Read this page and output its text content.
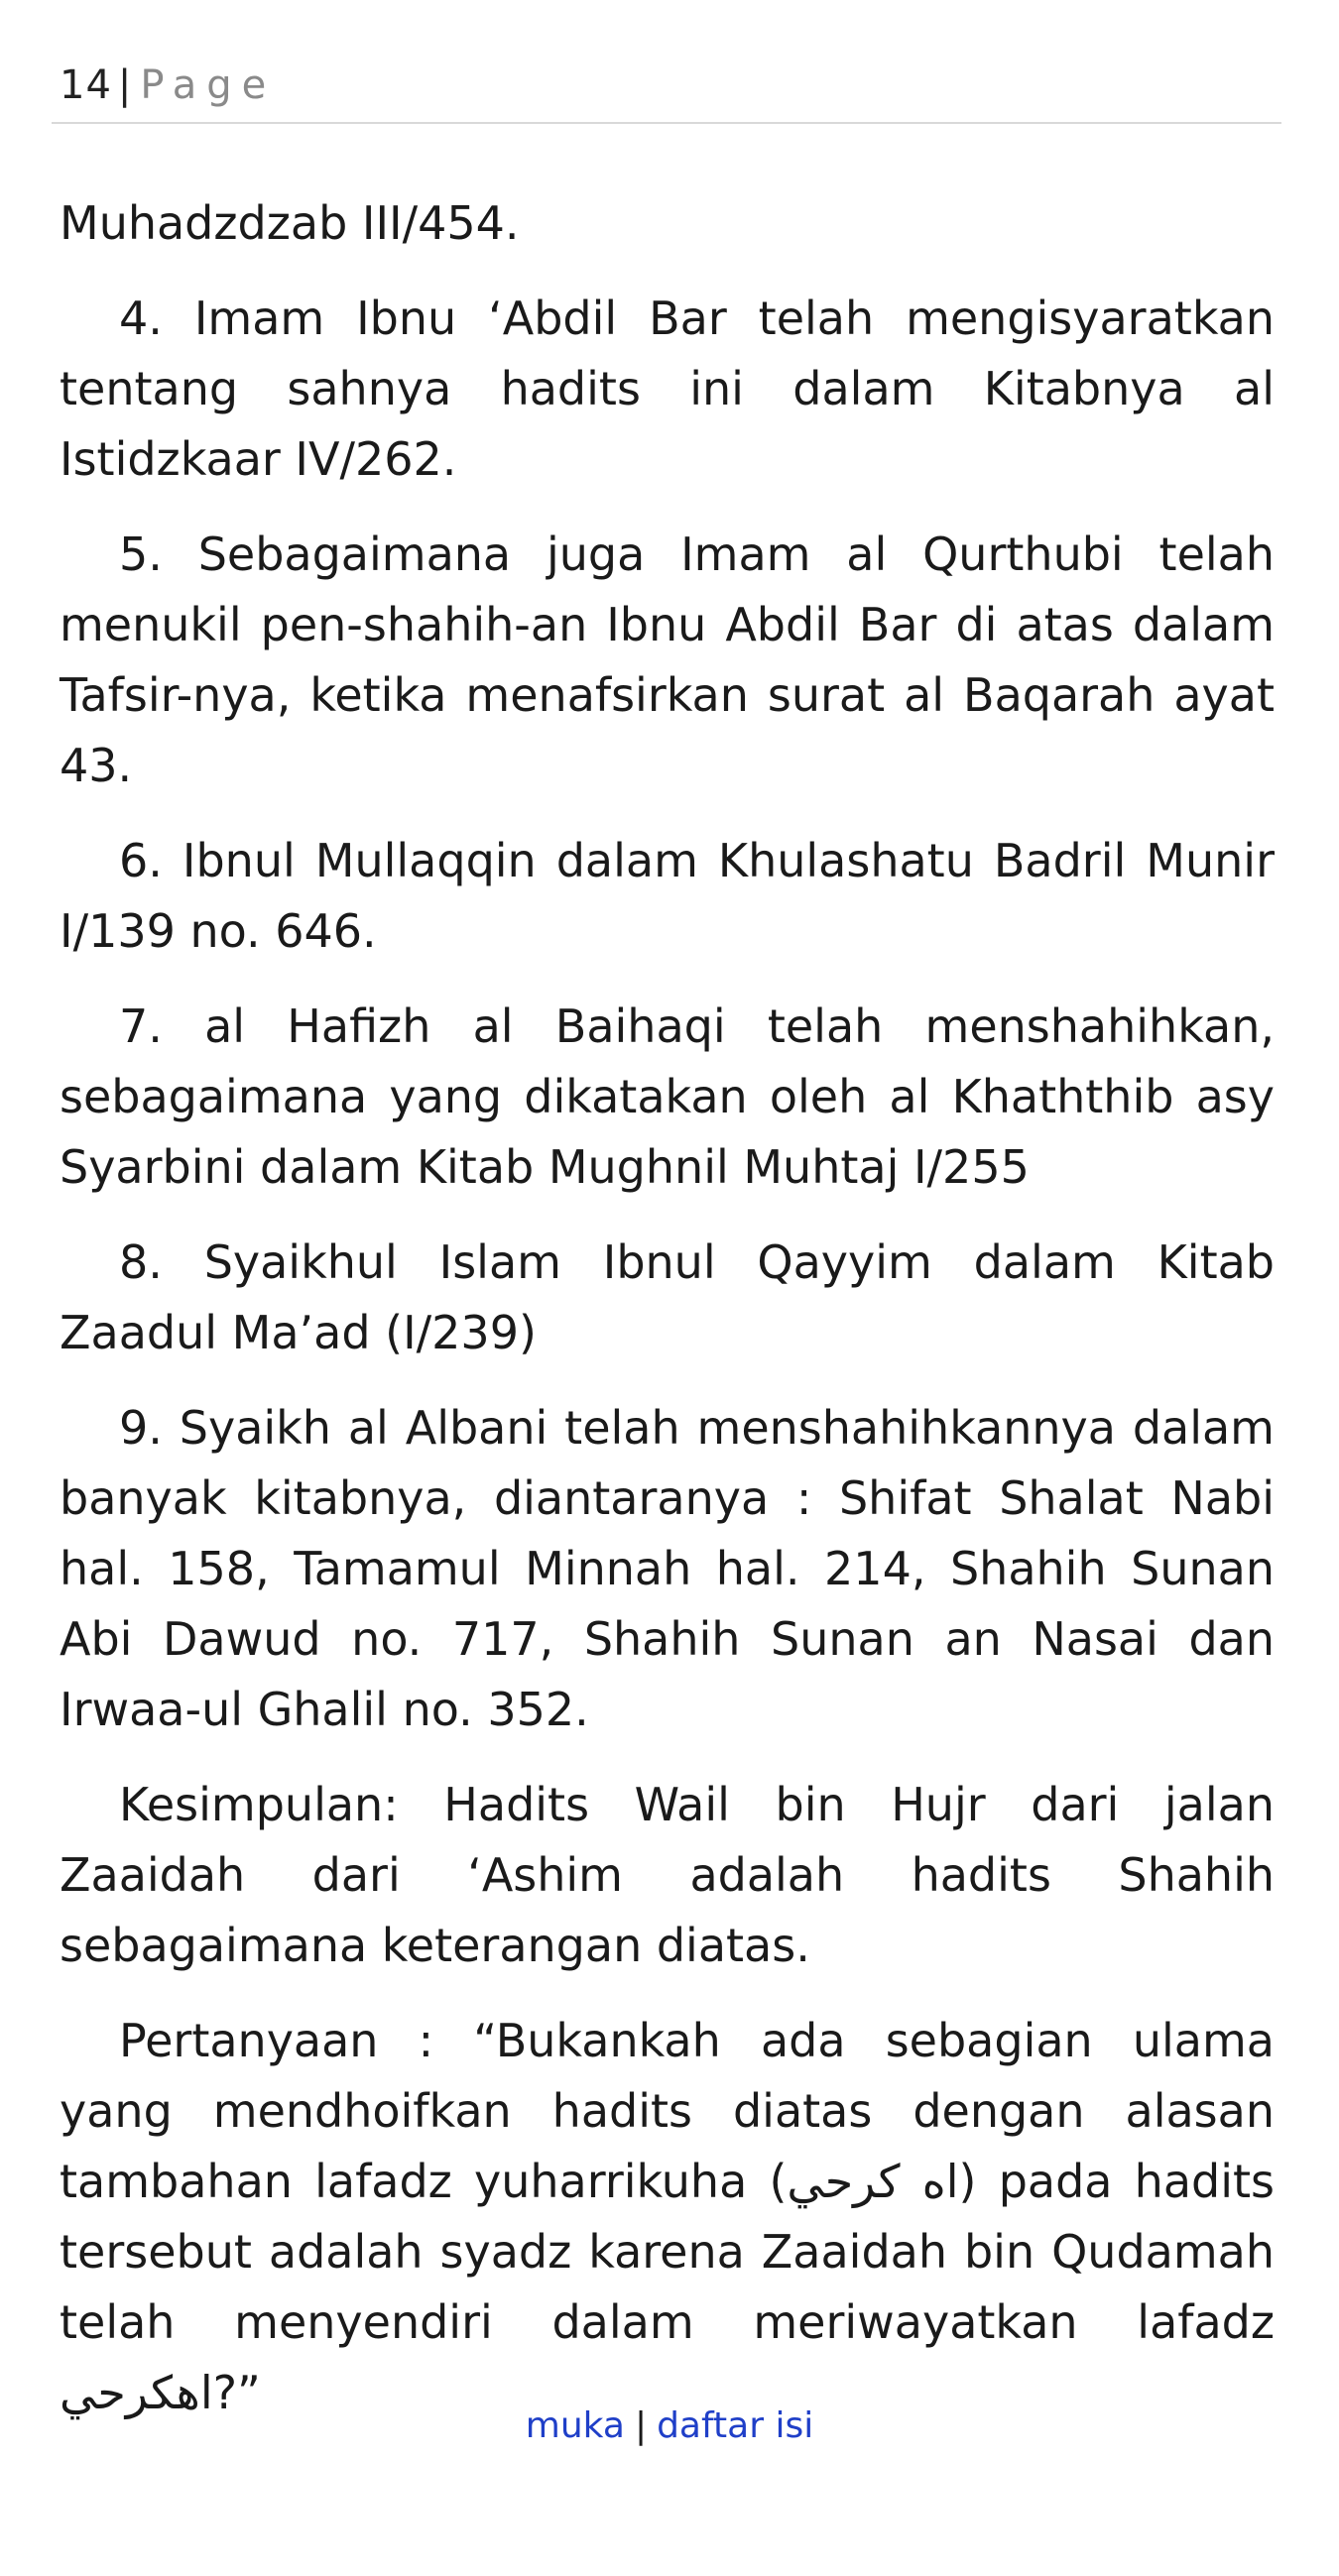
14 | Page

Muhadzdzab III/454.

4. Imam Ibnu ‘Abdil Bar telah mengisyaratkan tentang sahnya hadits ini dalam Kitabnya al Istidzkaar IV/262.

5. Sebagaimana juga Imam al Qurthubi telah menukil pen-shahih-an Ibnu Abdil Bar di atas dalam Tafsir-nya, ketika menafsirkan surat al Baqarah ayat 43.

6. Ibnul Mullaqqin dalam Khulashatu Badril Munir I/139 no. 646.

7. al Hafizh al Baihaqi telah menshahihkan, sebagaimana yang dikatakan oleh al Khaththib asy Syarbini dalam Kitab Mughnil Muhtaj I/255

8. Syaikhul Islam Ibnul Qayyim dalam Kitab Zaadul Ma’ad (I/239)

9. Syaikh al Albani telah menshahihkannya dalam banyak kitabnya, diantaranya : Shifat Shalat Nabi hal. 158, Tamamul Minnah hal. 214, Shahih Sunan Abi Dawud no. 717, Shahih Sunan an Nasai dan Irwaa-ul Ghalil no. 352.

Kesimpulan: Hadits Wail bin Hujr dari jalan Zaaidah dari ‘Ashim adalah hadits Shahih sebagaimana keterangan diatas.

Pertanyaan : “Bukankah ada sebagian ulama yang mendhoifkan hadits diatas dengan alasan tambahan lafadz yuharrikuha (اه كرحي) pada hadits tersebut adalah syadz karena Zaaidah bin Qudamah telah menyendiri dalam meriwayatkan lafadz اهكرحي?”

muka | daftar isi
